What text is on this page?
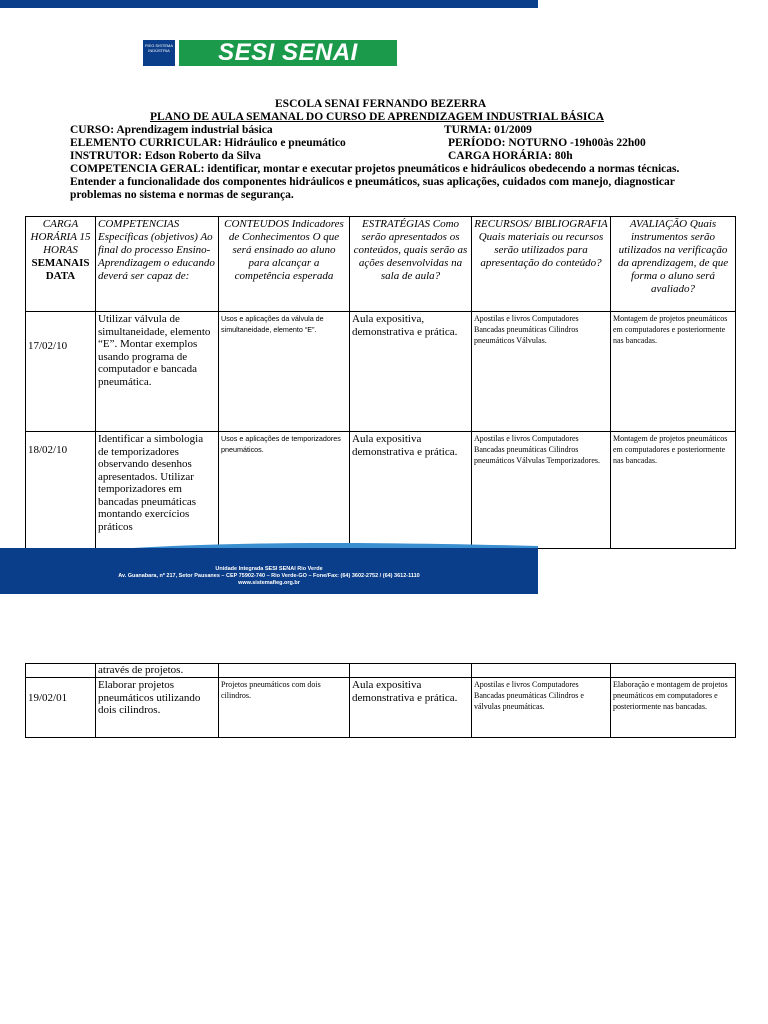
FIEG SISTEMA INDÚSTRIA	SESI SENAI
ESCOLA SENAI FERNANDO BEZERRA
PLANO DE AULA SEMANAL DO CURSO DE APRENDIZAGEM INDUSTRIAL BÁSICA
CURSO: Aprendizagem industrial básica
ELEMENTO CURRICULAR: Hidráulico e pneumático
INSTRUTOR: Edson Roberto da Silva
TURMA: 01/2009
PERÍODO: NOTURNO -19h00às 22h00
CARGA HORÁRIA: 80h
COMPETENCIA GERAL: identificar, montar e executar projetos pneumáticos e hidráulicos obedecendo a normas técnicas. Entender a funcionalidade dos componentes hidráulicos e pneumáticos, suas aplicações, cuidados com manejo, diagnosticar problemas no sistema e normas de segurança.
CARGA HORÁRIA 15 HORAS
SEMANAIS DATA	COMPETENCIAS Específicas (objetivos) Ao final do processo Ensino-Aprendizagem o educando deverá ser capaz de:	CONTEUDOS Indicadores de Conhecimentos O que será ensinado ao aluno para alcançar a competência esperada	ESTRATÉGIAS Como serão apresentados os conteúdos, quais serão as ações desenvolvidas na sala de aula?	RECURSOS/ BIBLIOGRAFIA Quais materiais ou recursos serão utilizados para apresentação do conteúdo?	AVALIAÇÃO Quais instrumentos serão utilizados na verificação da aprendizagem, de que forma o aluno será avaliado?
17/02/10	Utilizar válvula de simultaneidade, elemento “E”. Montar exemplos usando programa de computador e bancada pneumática.	Usos e aplicações da válvula de simultaneidade, elemento “E”.	Aula expositiva, demonstrativa e prática.	Apostilas e livros Computadores Bancadas pneumáticas Cilindros pneumáticos Válvulas.	Montagem de projetos pneumáticos em computadores e posteriormente nas bancadas.
18/02/10	Identificar a simbologia de temporizadores observando desenhos apresentados. Utilizar temporizadores em bancadas pneumáticas montando exercícios práticos	Usos e aplicações de temporizadores pneumáticos.	Aula expositiva demonstrativa e prática.	Apostilas e livros Computadores Bancadas pneumáticas Cilindros pneumáticos Válvulas Temporizadores.	Montagem de projetos pneumáticos em computadores e posteriormente nas bancadas.
Unidade Integrada SESI SENAI Rio Verde
Av. Guanabara, nº 217, Setor Pausanes – CEP 75902-740 – Rio Verde-GO – Fone/Fax: (64) 3602-2752 / (64) 3612-1110
www.sistemafieg.org.br
	através de projetos.				
19/02/01	Elaborar projetos pneumáticos utilizando dois cilindros.	Projetos pneumáticos com dois cilindros.	Aula expositiva demonstrativa e prática.	Apostilas e livros Computadores Bancadas pneumáticas Cilindros e válvulas pneumáticas.	Elaboração e montagem de projetos pneumáticos em computadores e posteriormente nas bancadas.
